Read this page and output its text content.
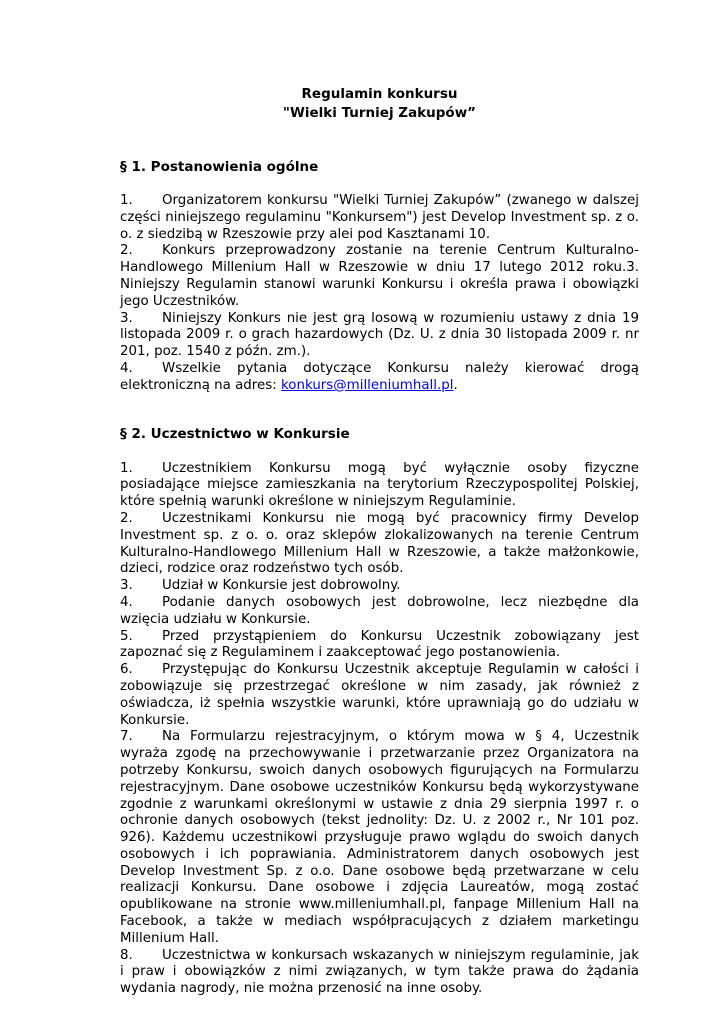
Regulamin konkursu
"Wielki Turniej Zakupów”
§ 1. Postanowienia ogólne
1. Organizatorem konkursu "Wielki Turniej Zakupów” (zwanego w dalszej części niniejszego regulaminu "Konkursem") jest Develop Investment sp. z o. o. z siedzibą w Rzeszowie przy alei pod Kasztanami 10.
2. Konkurs przeprowadzony zostanie na terenie Centrum Kulturalno-Handlowego Millenium Hall w Rzeszowie w dniu 17 lutego 2012 roku.3. Niniejszy Regulamin stanowi warunki Konkursu i określa prawa i obowiązki jego Uczestników.
3. Niniejszy Konkurs nie jest grą losową w rozumieniu ustawy z dnia 19 listopada 2009 r. o grach hazardowych (Dz. U. z dnia 30 listopada 2009 r. nr 201, poz. 1540 z późn. zm.).
4. Wszelkie pytania dotyczące Konkursu należy kierować drogą elektroniczną na adres: konkurs@milleniumhall.pl.
§ 2. Uczestnictwo w Konkursie
1. Uczestnikiem Konkursu mogą być wyłącznie osoby fizyczne posiadające miejsce zamieszkania na terytorium Rzeczypospolitej Polskiej, które spełnią warunki określone w niniejszym Regulaminie.
2. Uczestnikami Konkursu nie mogą być pracownicy firmy Develop Investment sp. z o. o. oraz sklepów zlokalizowanych na terenie Centrum Kulturalno-Handlowego Millenium Hall w Rzeszowie, a także małżonkowie, dzieci, rodzice oraz rodzeństwo tych osób.
3. Udział w Konkursie jest dobrowolny.
4. Podanie danych osobowych jest dobrowolne, lecz niezbędne dla wzięcia udziału w Konkursie.
5. Przed przystąpieniem do Konkursu Uczestnik zobowiązany jest zapoznać się z Regulaminem i zaakceptować jego postanowienia.
6. Przystępując do Konkursu Uczestnik akceptuje Regulamin w całości i zobowiązuje się przestrzegać określone w nim zasady, jak również z oświadcza, iż spełnia wszystkie warunki, które uprawniają go do udziału w Konkursie.
7. Na Formularzu rejestracyjnym, o którym mowa w § 4, Uczestnik wyraża zgodę na przechowywanie i przetwarzanie przez Organizatora na potrzeby Konkursu, swoich danych osobowych figurujących na Formularzu rejestracyjnym. Dane osobowe uczestników Konkursu będą wykorzystywane zgodnie z warunkami określonymi w ustawie z dnia 29 sierpnia 1997 r. o ochronie danych osobowych (tekst jednolity: Dz. U. z 2002 r., Nr 101 poz. 926). Każdemu uczestnikowi przysługuje prawo wglądu do swoich danych osobowych i ich poprawiania. Administratorem danych osobowych jest Develop Investment Sp. z o.o. Dane osobowe będą przetwarzane w celu realizacji Konkursu. Dane osobowe i zdjęcia Laureatów, mogą zostać opublikowane na stronie www.milleniumhall.pl, fanpage Millenium Hall na Facebook, a także w mediach współpracujących z działem marketingu Millenium Hall.
8. Uczestnictwa w konkursach wskazanych w niniejszym regulaminie, jak i praw i obowiązków z nimi związanych, w tym także prawa do żądania wydania nagrody, nie można przenosić na inne osoby.
